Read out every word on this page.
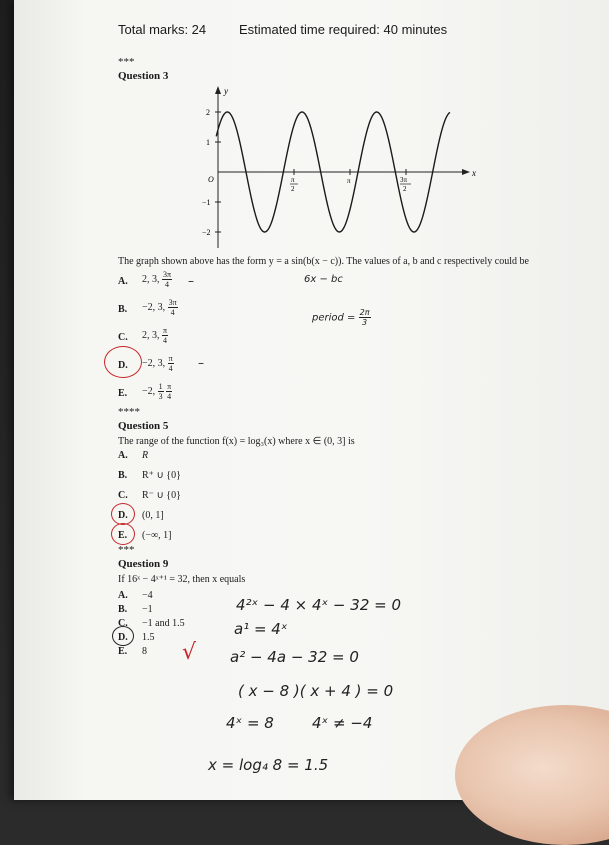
Total marks: 24	Estimated time required: 40 minutes
***
Question 3
y
x
O
2
1
−1
−2
π
2
π	3π
2
The graph shown above has the form y = a sin(b(x − c)). The values of a, b and c respectively could be
A. 2, 3, $\frac{3\pi}{4}$
B. −2, 3, $\frac{3\pi}{4}$
C. 2, 3, $\frac{\pi}{4}$
D. −2, 3, $\frac{\pi}{4}$
E. −2, $\frac{1}{3}$
$\frac{\pi}{4}$
–	6x − bc
period = $\frac{2\pi}{3}$
–
****
Question 5
The range of the function f(x) = log₃(x) where x ∈ (0, 3] is
A. R
B. R⁺ ∪ {0}
C. R⁻ ∪ {0}
D. (0, 1]
E. (−∞, 1]
***
Question 9
If 16ˣ − 4ˣ⁺¹ = 32, then x equals
A. −4
B. −1
C. −1 and 1.5
D. 1.5
E. 8 √
4²ˣ − 4 × 4ˣ − 32 = 0
a¹ = 4ˣ
a² − 4a − 32 = 0
( x − 8 )( x + 4 ) = 0
4ˣ = 8	4ˣ ≠ −4
x = log₄ 8 = 1.5
